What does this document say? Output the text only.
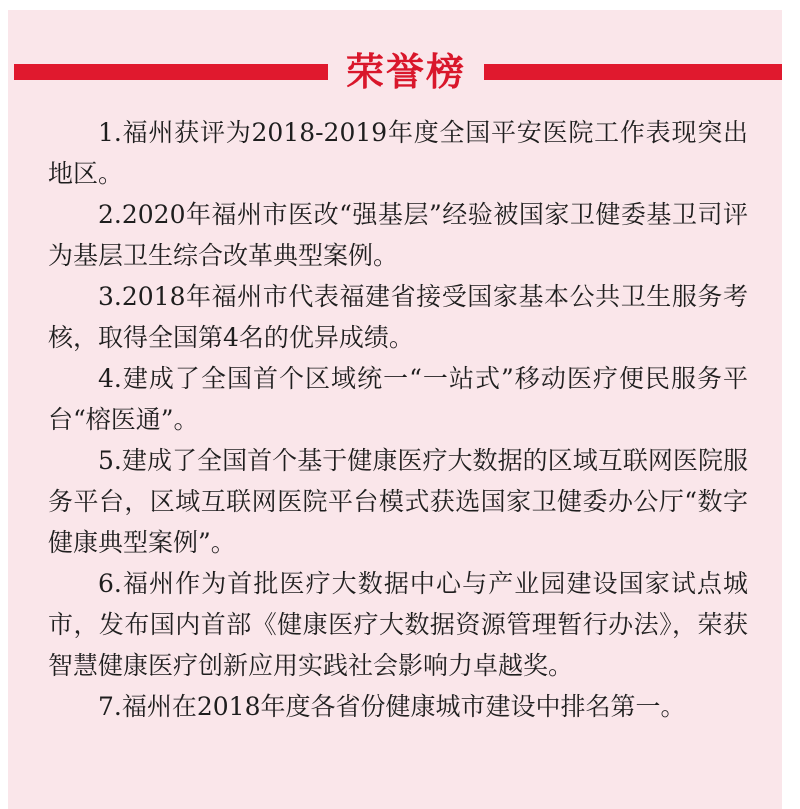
荣誉榜

1.福州获评为2018-2019年度全国平安医院工作表现突出地区。

2.2020年福州市医改“强基层”经验被国家卫健委基卫司评为基层卫生综合改革典型案例。

3.2018年福州市代表福建省接受国家基本公共卫生服务考核，取得全国第4名的优异成绩。

4.建成了全国首个区域统一“一站式”移动医疗便民服务平台“榕医通”。

5.建成了全国首个基于健康医疗大数据的区域互联网医院服务平台，区域互联网医院平台模式获选国家卫健委办公厅“数字健康典型案例”。

6.福州作为首批医疗大数据中心与产业园建设国家试点城市，发布国内首部《健康医疗大数据资源管理暂行办法》，荣获智慧健康医疗创新应用实践社会影响力卓越奖。

7.福州在2018年度各省份健康城市建设中排名第一。
